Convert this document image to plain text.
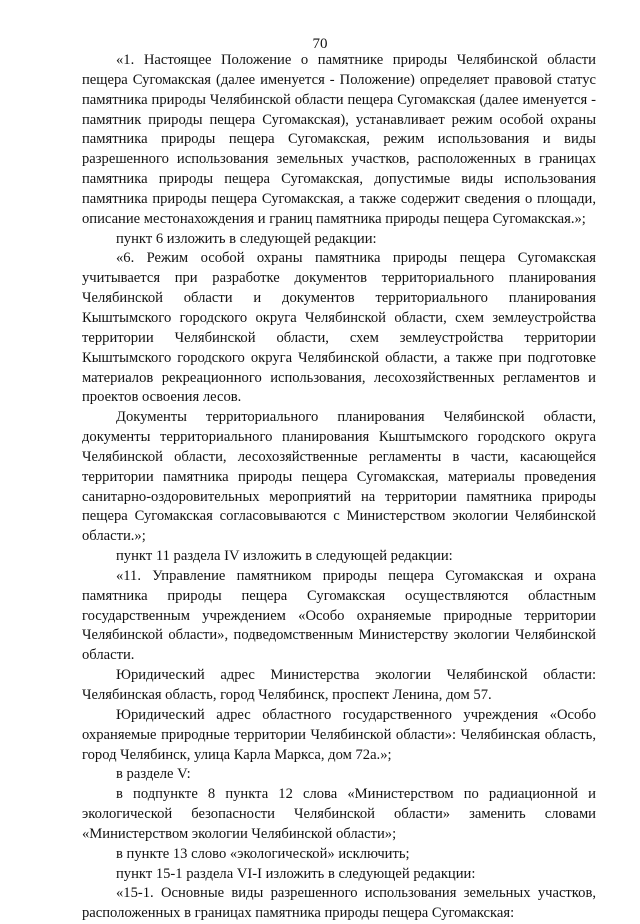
70

«1. Настоящее Положение о памятнике природы Челябинской области пещера Сугомакская (далее именуется - Положение) определяет правовой статус памятника природы Челябинской области пещера Сугомакская (далее именуется - памятник природы пещера Сугомакская), устанавливает режим особой охраны памятника природы пещера Сугомакская, режим использования и виды разрешенного использования земельных участков, расположенных в границах памятника природы пещера Сугомакская, допустимые виды использования памятника природы пещера Сугомакская, а также содержит сведения о площади, описание местонахождения и границ памятника природы пещера Сугомакская.»;

пункт 6 изложить в следующей редакции:

«6. Режим особой охраны памятника природы пещера Сугомакская учитывается при разработке документов территориального планирования Челябинской области и документов территориального планирования Кыштымского городского округа Челябинской области, схем землеустройства территории Челябинской области, схем землеустройства территории Кыштымского городского округа Челябинской области, а также при подготовке материалов рекреационного использования, лесохозяйственных регламентов и проектов освоения лесов.

Документы территориального планирования Челябинской области, документы территориального планирования Кыштымского городского округа Челябинской области, лесохозяйственные регламенты в части, касающейся территории памятника природы пещера Сугомакская, материалы проведения санитарно-оздоровительных мероприятий на территории памятника природы пещера Сугомакская согласовываются с Министерством экологии Челябинской области.»;

пункт 11 раздела IV изложить в следующей редакции:

«11. Управление памятником природы пещера Сугомакская и охрана памятника природы пещера Сугомакская осуществляются областным государственным учреждением «Особо охраняемые природные территории Челябинской области», подведомственным Министерству экологии Челябинской области.

Юридический адрес Министерства экологии Челябинской области: Челябинская область, город Челябинск, проспект Ленина, дом 57.

Юридический адрес областного государственного учреждения «Особо охраняемые природные территории Челябинской области»: Челябинская область, город Челябинск, улица Карла Маркса, дом 72а.»;

в разделе V:

в подпункте 8 пункта 12 слова «Министерством по радиационной и экологической безопасности Челябинской области» заменить словами «Министерством экологии Челябинской области»;

в пункте 13 слово «экологической» исключить;

пункт 15-1 раздела VI-I изложить в следующей редакции:

«15-1. Основные виды разрешенного использования земельных участков, расположенных в границах памятника природы пещера Сугомакская:
